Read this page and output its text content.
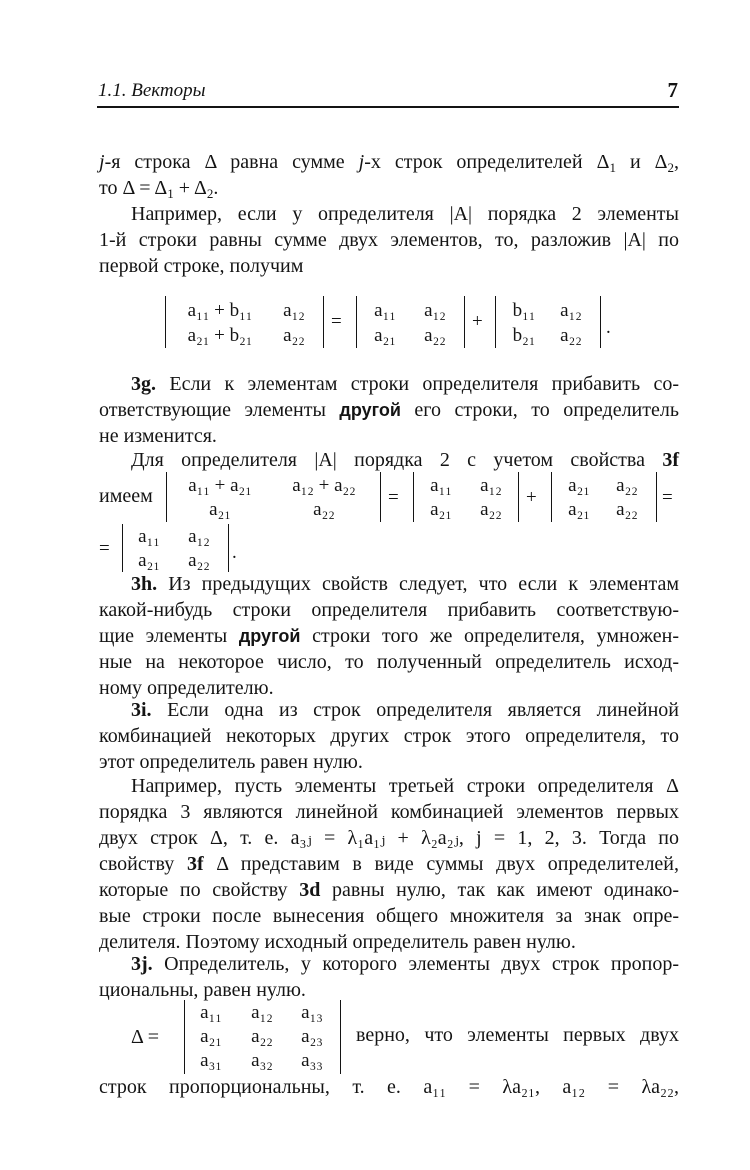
1.1. Векторы	7
j-я строка Δ равна сумме j-х строк определителей $\Delta_1$ и $\Delta_2$,
то $\Delta = \Delta_1 + \Delta_2$.
Например, если у определителя |A| порядка 2 элементы
1-й строки равны сумме двух элементов, то, разложив |A| по
первой строке, получим
a₁₁ + b₁₁	a₁₂
a₂₁ + b₂₁	a₂₂
=
a₁₁	a₁₂
a₂₁	a₂₂
+
b₁₁	a₁₂
b₂₁	a₂₂	.
3g. Если к элементам строки определителя прибавить со-
ответствующие элементы другой его строки, то определитель
не изменится.
Для определителя |A| порядка 2 с учетом свойства 3f
имеем	a₁₁ + a₂₁	a₁₂ + a₂₂
a₂₁	a₂₂
=
a₁₁	a₁₂
a₂₁	a₂₂
+
a₂₁	a₂₂
a₂₁	a₂₂
=
=
a₁₁	a₁₂
a₂₁	a₂₂	.
3h. Из предыдущих свойств следует, что если к элементам
какой-нибудь строки определителя прибавить соответствую-
щие элементы другой строки того же определителя, умножен-
ные на некоторое число, то полученный определитель исход-
ному определителю.
3i. Если одна из строк определителя является линейной
комбинацией некоторых других строк этого определителя, то
этот определитель равен нулю.
Например, пусть элементы третьей строки определителя Δ
порядка 3 являются линейной комбинацией элементов первых
двух строк Δ, т. е. a₃ⱼ = λ₁a₁ⱼ + λ₂a₂ⱼ, j = 1, 2, 3. Тогда по
свойству 3f Δ представим в виде суммы двух определителей,
которые по свойству 3d равны нулю, так как имеют одинако-
вые строки после вынесения общего множителя за знак опре-
делителя. Поэтому исходный определитель равен нулю.
3j. Определитель, у которого элементы двух строк пропор-
циональны, равен нулю.
Δ =
a₁₁	a₁₂	a₁₃
a₂₁	a₂₂	a₂₃
a₃₁	a₃₂	a₃₃
верно, что элементы первых двух
строк пропорциональны, т. е. a₁₁ = λa₂₁, a₁₂ = λa₂₂,
